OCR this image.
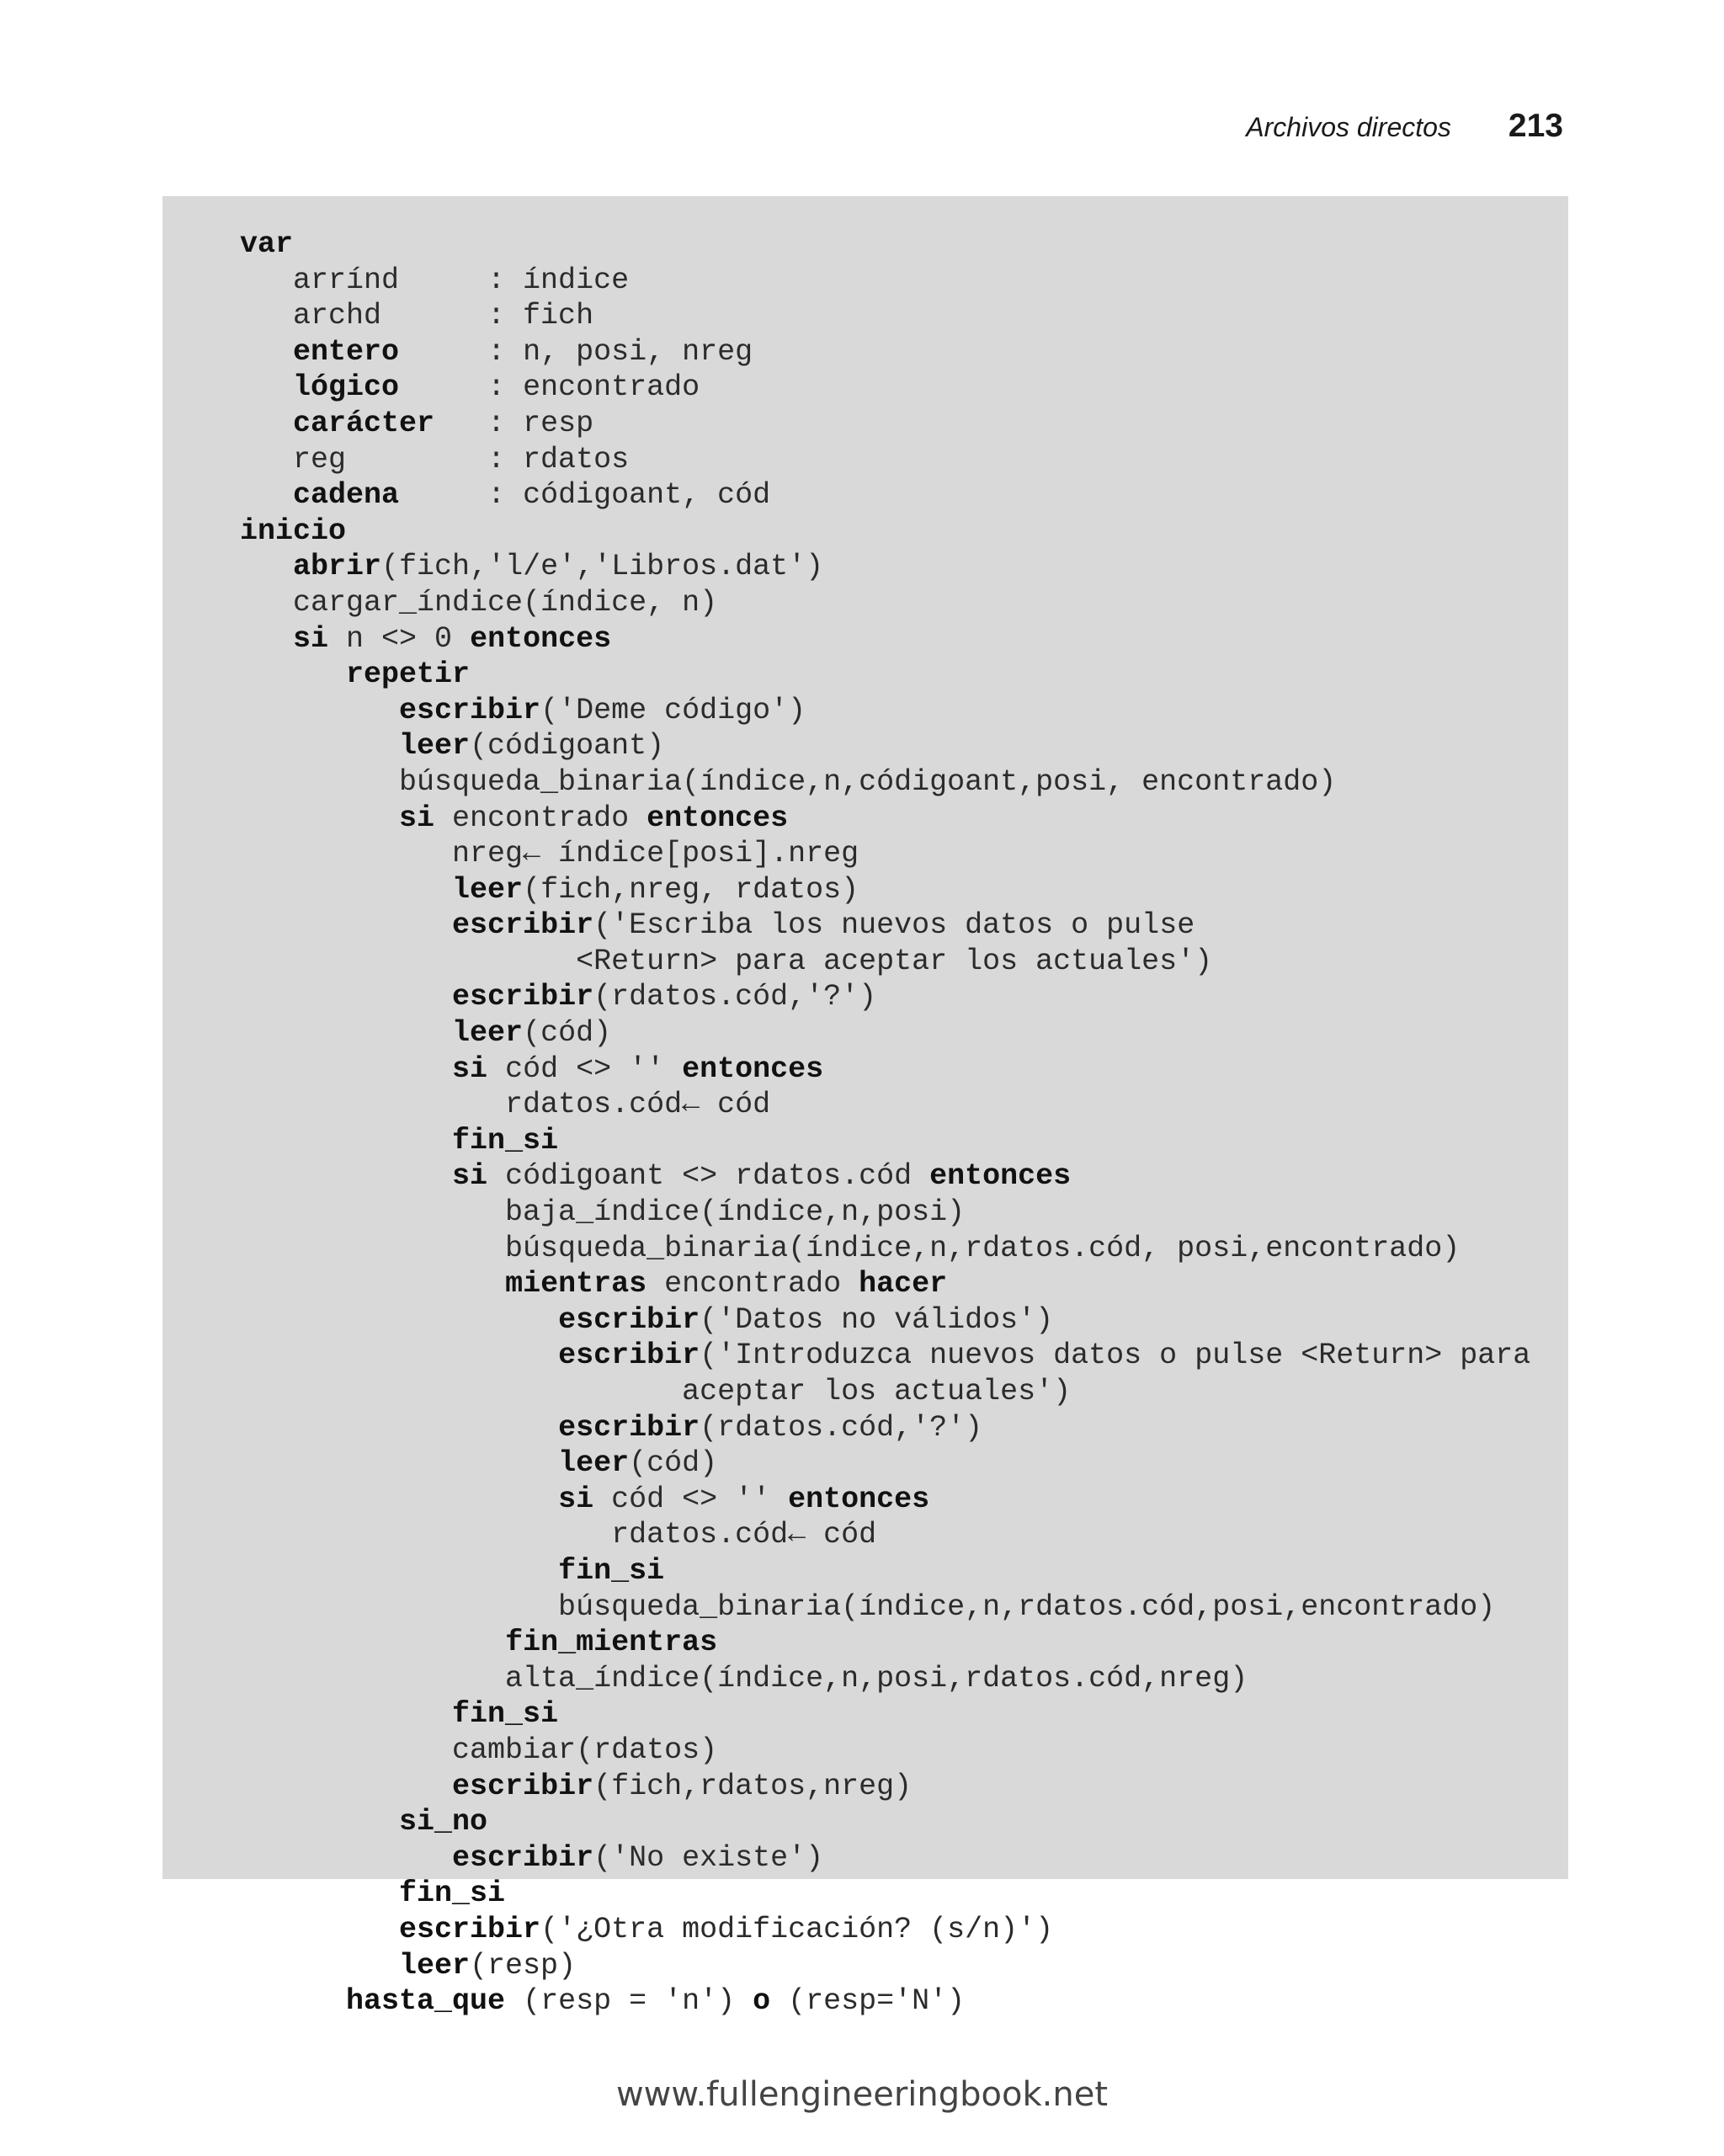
Archivos directos 213
var
arrínd     : índice
archd      : fich
entero     : n, posi, nreg
lógico     : encontrado
carácter   : resp
reg        : rdatos
cadena     : códigoant, cód
inicio
abrir(fich,'l/e','Libros.dat')
cargar_índice(índice, n)
si n <> 0 entonces
repetir
escribir('Deme código')
leer(códigoant)
búsqueda_binaria(índice,n,códigoant,posi, encontrado)
si encontrado entonces
nreg← índice[posi].nreg
leer(fich,nreg, rdatos)
escribir('Escriba los nuevos datos o pulse
<Return> para aceptar los actuales')
escribir(rdatos.cód,'?')
leer(cód)
si cód <> '' entonces
rdatos.cód← cód
fin_si
si códigoant <> rdatos.cód entonces
baja_índice(índice,n,posi)
búsqueda_binaria(índice,n,rdatos.cód, posi,encontrado)
mientras encontrado hacer
escribir('Datos no válidos')
escribir('Introduzca nuevos datos o pulse <Return> para
aceptar los actuales')
escribir(rdatos.cód,'?')
leer(cód)
si cód <> '' entonces
rdatos.cód← cód
fin_si
búsqueda_binaria(índice,n,rdatos.cód,posi,encontrado)
fin_mientras
alta_índice(índice,n,posi,rdatos.cód,nreg)
fin_si
cambiar(rdatos)
escribir(fich,rdatos,nreg)
si_no
escribir('No existe')
fin_si
escribir('¿Otra modificación? (s/n)')
leer(resp)
hasta_que (resp = 'n') o (resp='N')
www.fullengineeringbook.net
